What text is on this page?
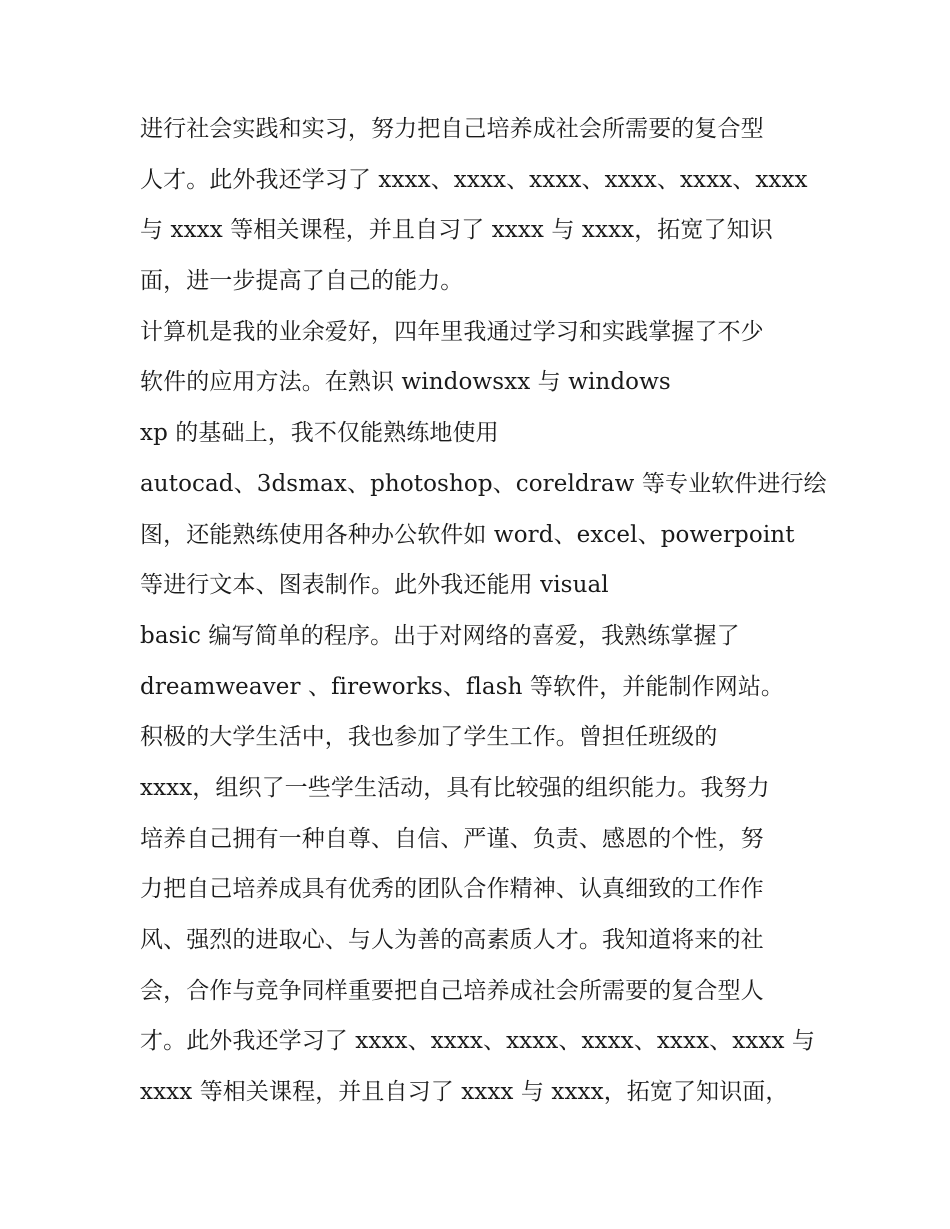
进行社会实践和实习，努力把自己培养成社会所需要的复合型
人才。此外我还学习了 xxxx、xxxx、xxxx、xxxx、xxxx、xxxx
与 xxxx 等相关课程，并且自习了 xxxx 与 xxxx，拓宽了知识
面，进一步提高了自己的能力。
计算机是我的业余爱好，四年里我通过学习和实践掌握了不少
软件的应用方法。在熟识 windowsxx 与 windows
xp 的基础上，我不仅能熟练地使用
autocad、3dsmax、photoshop、coreldraw 等专业软件进行绘
图，还能熟练使用各种办公软件如 word、excel、powerpoint
等进行文本、图表制作。此外我还能用 visual
basic 编写简单的程序。出于对网络的喜爱，我熟练掌握了
dreamweaver 、fireworks、flash 等软件，并能制作网站。
积极的大学生活中，我也参加了学生工作。曾担任班级的
xxxx，组织了一些学生活动，具有比较强的组织能力。我努力
培养自己拥有一种自尊、自信、严谨、负责、感恩的个性，努
力把自己培养成具有优秀的团队合作精神、认真细致的工作作
风、强烈的进取心、与人为善的高素质人才。我知道将来的社
会，合作与竞争同样重要把自己培养成社会所需要的复合型人
才。此外我还学习了 xxxx、xxxx、xxxx、xxxx、xxxx、xxxx 与
xxxx 等相关课程，并且自习了 xxxx 与 xxxx，拓宽了知识面，
